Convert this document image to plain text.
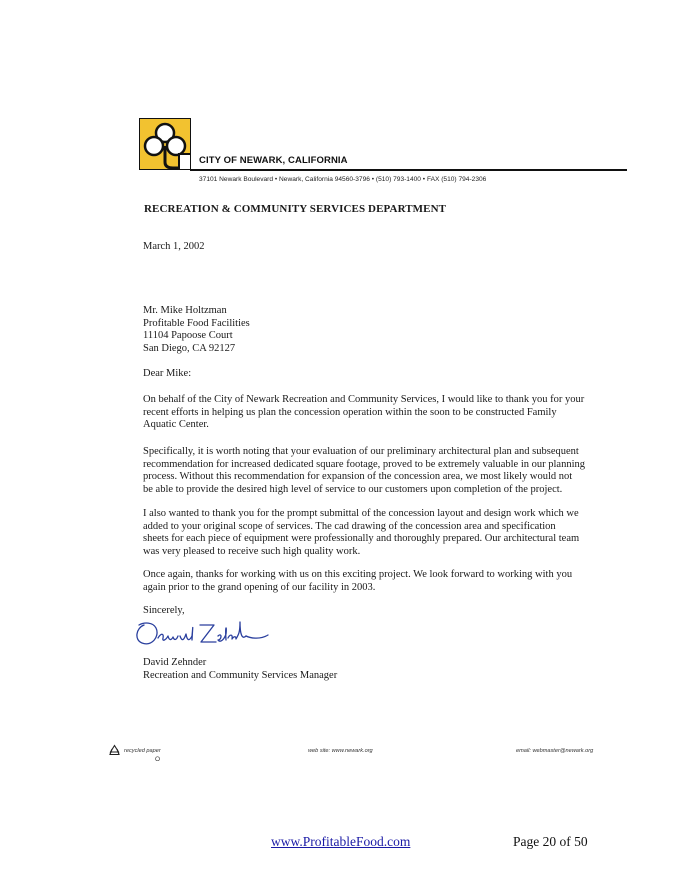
CITY OF NEWARK, CALIFORNIA
37101 Newark Boulevard • Newark, California 94560-3796 • (510) 793-1400 • FAX (510) 794-2306
RECREATION & COMMUNITY SERVICES DEPARTMENT
March 1, 2002
Mr. Mike Holtzman
Profitable Food Facilities
11104 Papoose Court
San Diego, CA 92127
Dear Mike:
On behalf of the City of Newark Recreation and Community Services, I would like to thank you for your
recent efforts in helping us plan the concession operation within the soon to be constructed Family
Aquatic Center.
Specifically, it is worth noting that your evaluation of our preliminary architectural plan and subsequent
recommendation for increased dedicated square footage, proved to be extremely valuable in our planning
process. Without this recommendation for expansion of the concession area, we most likely would not
be able to provide the desired high level of service to our customers upon completion of the project.
I also wanted to thank you for the prompt submittal of the concession layout and design work which we
added to your original scope of services. The cad drawing of the concession area and specification
sheets for each piece of equipment were professionally and thoroughly prepared. Our architectural team
was very pleased to receive such high quality work.
Once again, thanks for working with us on this exciting project. We look forward to working with you
again prior to the grand opening of our facility in 2003.
Sincerely,
David Zehnder
Recreation and Community Services Manager
recycled paper
O
web site: www.newark.org	email: webmaster@newark.org
www.ProfitableFood.com	Page 20 of 50
